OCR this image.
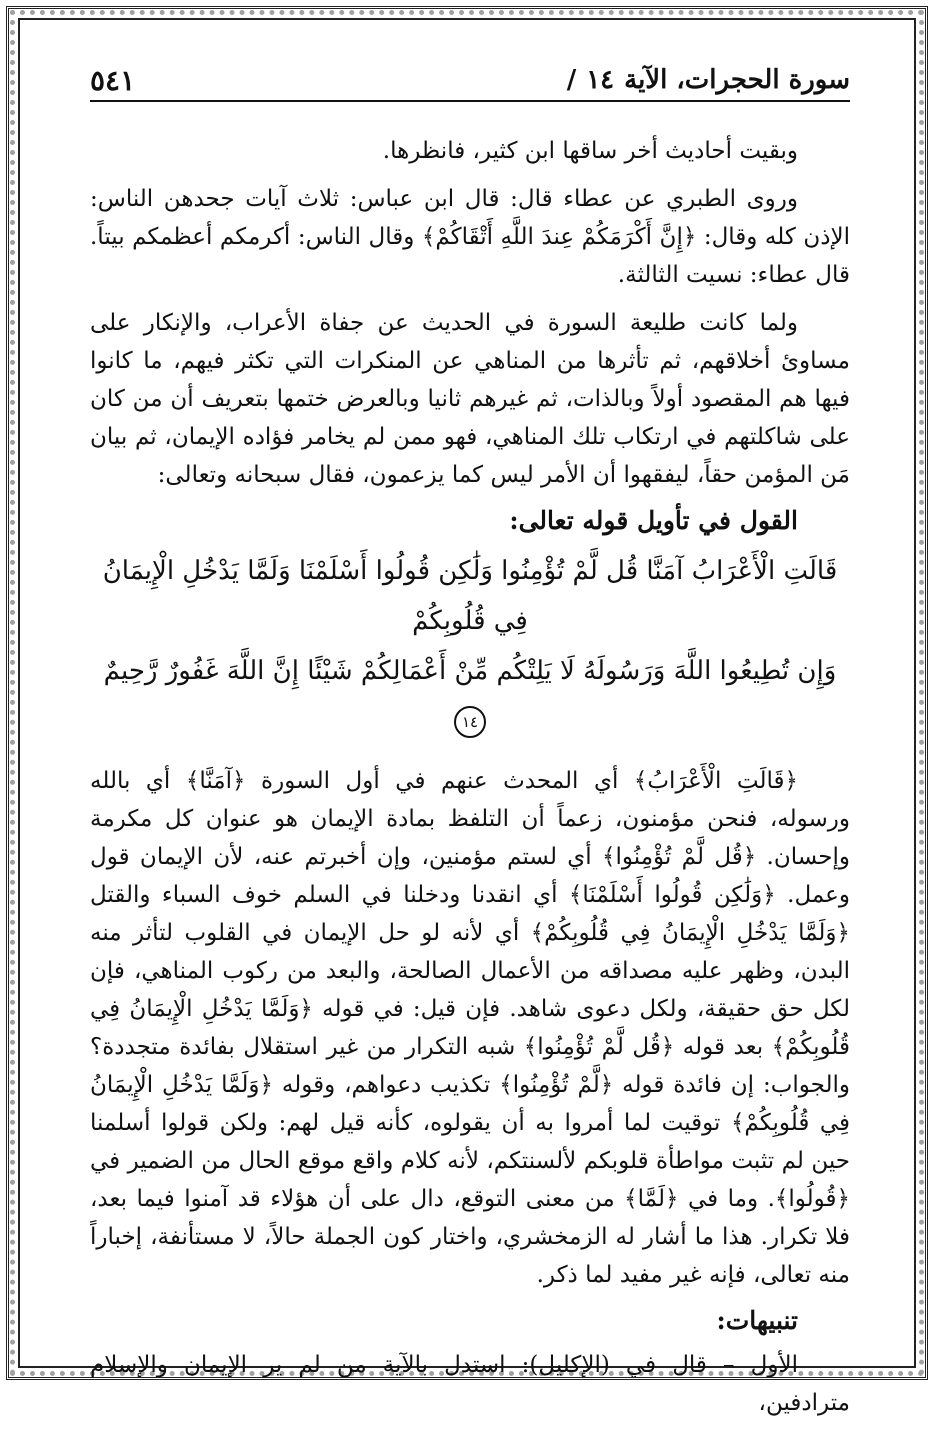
سورة الحجرات، الآية
١٤
/
٥٤١

وبقيت أحاديث أخر ساقها ابن كثير، فانظرها.

وروى الطبري عن عطاء قال: قال ابن عباس: ثلاث آيات جحدهن الناس: الإذن كله وقال: ﴿إِنَّ أَكْرَمَكُمْ عِندَ اللَّهِ أَتْقَاكُمْ﴾ وقال الناس: أكرمكم أعظمكم بيتاً. قال عطاء: نسيت الثالثة.

ولما كانت طليعة السورة في الحديث عن جفاة الأعراب، والإنكار على مساوئ أخلاقهم، ثم تأثرها من المناهي عن المنكرات التي تكثر فيهم، ما كانوا فيها هم المقصود أولاً وبالذات، ثم غيرهم ثانيا وبالعرض ختمها بتعريف أن من كان على شاكلتهم في ارتكاب تلك المناهي، فهو ممن لم يخامر فؤاده الإيمان، ثم بيان مَن المؤمن حقاً، ليفقهوا أن الأمر ليس كما يزعمون، فقال سبحانه وتعالى:

القول في تأويل قوله تعالى:
قَالَتِ الْأَعْرَابُ آمَنَّا قُل لَّمْ تُؤْمِنُوا وَلَٰكِن قُولُوا أَسْلَمْنَا وَلَمَّا يَدْخُلِ الْإِيمَانُ فِي قُلُوبِكُمْ
وَإِن تُطِيعُوا اللَّهَ وَرَسُولَهُ لَا يَلِتْكُم مِّنْ أَعْمَالِكُمْ شَيْئًا إِنَّ اللَّهَ غَفُورٌ رَّحِيمٌ ١٤

﴿قَالَتِ الْأَعْرَابُ﴾ أي المحدث عنهم في أول السورة ﴿آمَنَّا﴾ أي بالله ورسوله، فنحن مؤمنون، زعماً أن التلفظ بمادة الإيمان هو عنوان كل مكرمة وإحسان. ﴿قُل لَّمْ تُؤْمِنُوا﴾ أي لستم مؤمنين، وإن أخبرتم عنه، لأن الإيمان قول وعمل. ﴿وَلَٰكِن قُولُوا أَسْلَمْنَا﴾ أي انقدنا ودخلنا في السلم خوف السباء والقتل ﴿وَلَمَّا يَدْخُلِ الْإِيمَانُ فِي قُلُوبِكُمْ﴾ أي لأنه لو حل الإيمان في القلوب لتأثر منه البدن، وظهر عليه مصداقه من الأعمال الصالحة، والبعد من ركوب المناهي، فإن لكل حق حقيقة، ولكل دعوى شاهد. فإن قيل: في قوله ﴿وَلَمَّا يَدْخُلِ الْإِيمَانُ فِي قُلُوبِكُمْ﴾ بعد قوله ﴿قُل لَّمْ تُؤْمِنُوا﴾ شبه التكرار من غير استقلال بفائدة متجددة؟ والجواب: إن فائدة قوله ﴿لَّمْ تُؤْمِنُوا﴾ تكذيب دعواهم، وقوله ﴿وَلَمَّا يَدْخُلِ الْإِيمَانُ فِي قُلُوبِكُمْ﴾ توقيت لما أمروا به أن يقولوه، كأنه قيل لهم: ولكن قولوا أسلمنا حين لم تثبت مواطأة قلوبكم لألسنتكم، لأنه كلام واقع موقع الحال من الضمير في ﴿قُولُوا﴾. وما في ﴿لَمَّا﴾ من معنى التوقع، دال على أن هؤلاء قد آمنوا فيما بعد، فلا تكرار. هذا ما أشار له الزمخشري، واختار كون الجملة حالاً، لا مستأنفة، إخباراً منه تعالى، فإنه غير مفيد لما ذكر.

تنبيهات:

الأول – قال في (الإكليل): استدل بالآية من لم ير الإيمان والإسلام مترادفين،
